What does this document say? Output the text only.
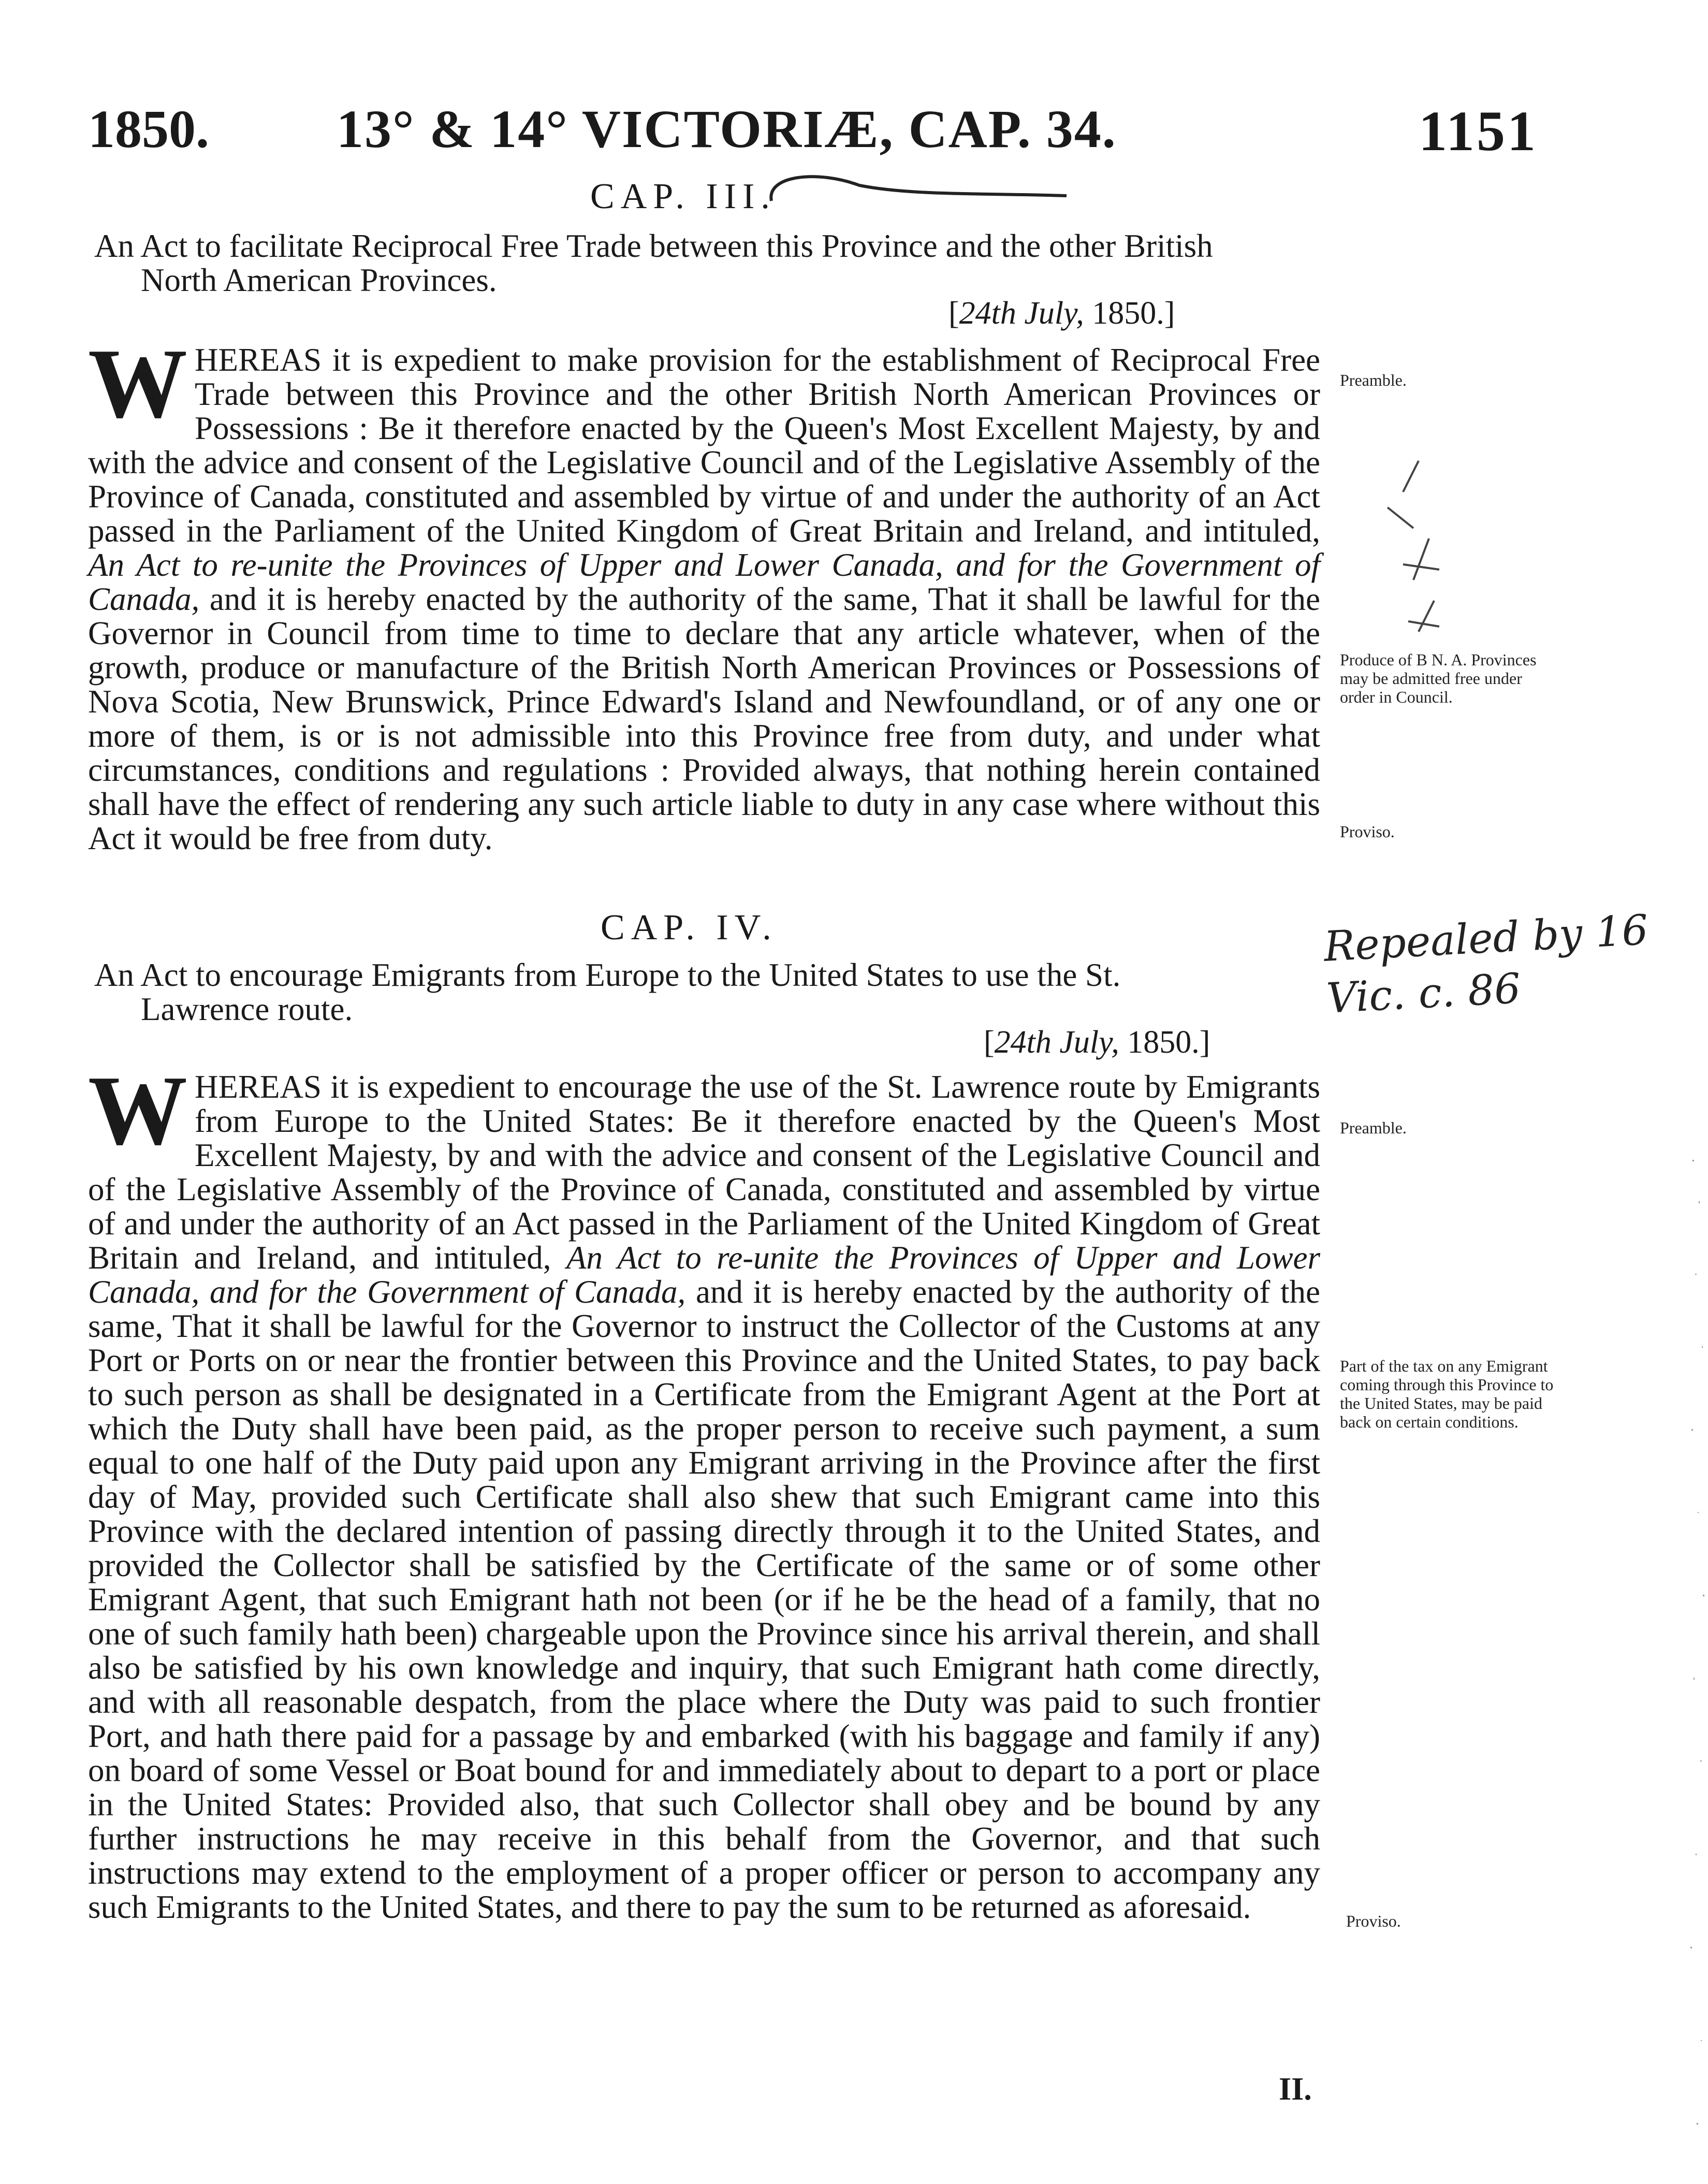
1850. 13° & 14° VICTORIÆ, CAP. 34.	1151
CAP. III.
An Act to facilitate Reciprocal Free Trade between this Province and the other British
North American Provinces.
[24th July, 1850.]

WHEREAS it is expedient to make provision for the establishment of Reciprocal Free Trade between this Province and the other British North American Provinces or Possessions : Be it therefore enacted by the Queen's Most Excellent Majesty, by and with the advice and consent of the Legislative Council and of the Legislative Assembly of the Province of Canada, constituted and assembled by virtue of and under the authority of an Act passed in the Parliament of the United Kingdom of Great Britain and Ireland, and intituled, An Act to re-unite the Provinces of Upper and Lower Canada, and for the Government of Canada, and it is hereby enacted by the authority of the same, That it shall be lawful for the Governor in Council from time to time to declare that any article whatever, when of the growth, produce or manufacture of the British North American Provinces or Possessions of Nova Scotia, New Brunswick, Prince Edward's Island and Newfoundland, or of any one or more of them, is or is not admissible into this Province free from duty, and under what circumstances, conditions and regulations : Provided always, that nothing herein contained shall have the effect of rendering any such article liable to duty in any case where without this Act it would be free from duty.

Preamble.
Produce of B N. A. Provinces may be admitted free under order in Council.
Proviso.
CAP. IV.
An Act to encourage Emigrants from Europe to the United States to use the St.
Lawrence route.
[24th July, 1850.]
Repealed by 16 Vic. c. 86

WHEREAS it is expedient to encourage the use of the St. Lawrence route by Emigrants from Europe to the United States: Be it therefore enacted by the Queen's Most Excellent Majesty, by and with the advice and consent of the Legislative Council and of the Legislative Assembly of the Province of Canada, constituted and assembled by virtue of and under the authority of an Act passed in the Parliament of the United Kingdom of Great Britain and Ireland, and intituled, An Act to re-unite the Provinces of Upper and Lower Canada, and for the Government of Canada, and it is hereby enacted by the authority of the same, That it shall be lawful for the Governor to instruct the Collector of the Customs at any Port or Ports on or near the frontier between this Province and the United States, to pay back to such person as shall be designated in a Certificate from the Emigrant Agent at the Port at which the Duty shall have been paid, as the proper person to receive such payment, a sum equal to one half of the Duty paid upon any Emigrant arriving in the Province after the first day of May, provided such Certificate shall also shew that such Emigrant came into this Province with the declared intention of passing directly through it to the United States, and provided the Collector shall be satisfied by the Certificate of the same or of some other Emigrant Agent, that such Emigrant hath not been (or if he be the head of a family, that no one of such family hath been) chargeable upon the Province since his arrival therein, and shall also be satisfied by his own knowledge and inquiry, that such Emigrant hath come directly, and with all reasonable despatch, from the place where the Duty was paid to such frontier Port, and hath there paid for a passage by and embarked (with his baggage and family if any) on board of some Vessel or Boat bound for and immediately about to depart to a port or place in the United States: Provided also, that such Collector shall obey and be bound by any further instructions he may receive in this behalf from the Governor, and that such instructions may extend to the employment of a proper officer or person to accompany any such Emigrants to the United States, and there to pay the sum to be returned as aforesaid.

Preamble.
Part of the tax on any Emigrant coming through this Province to the United States, may be paid back on certain conditions.
Proviso.
II.
